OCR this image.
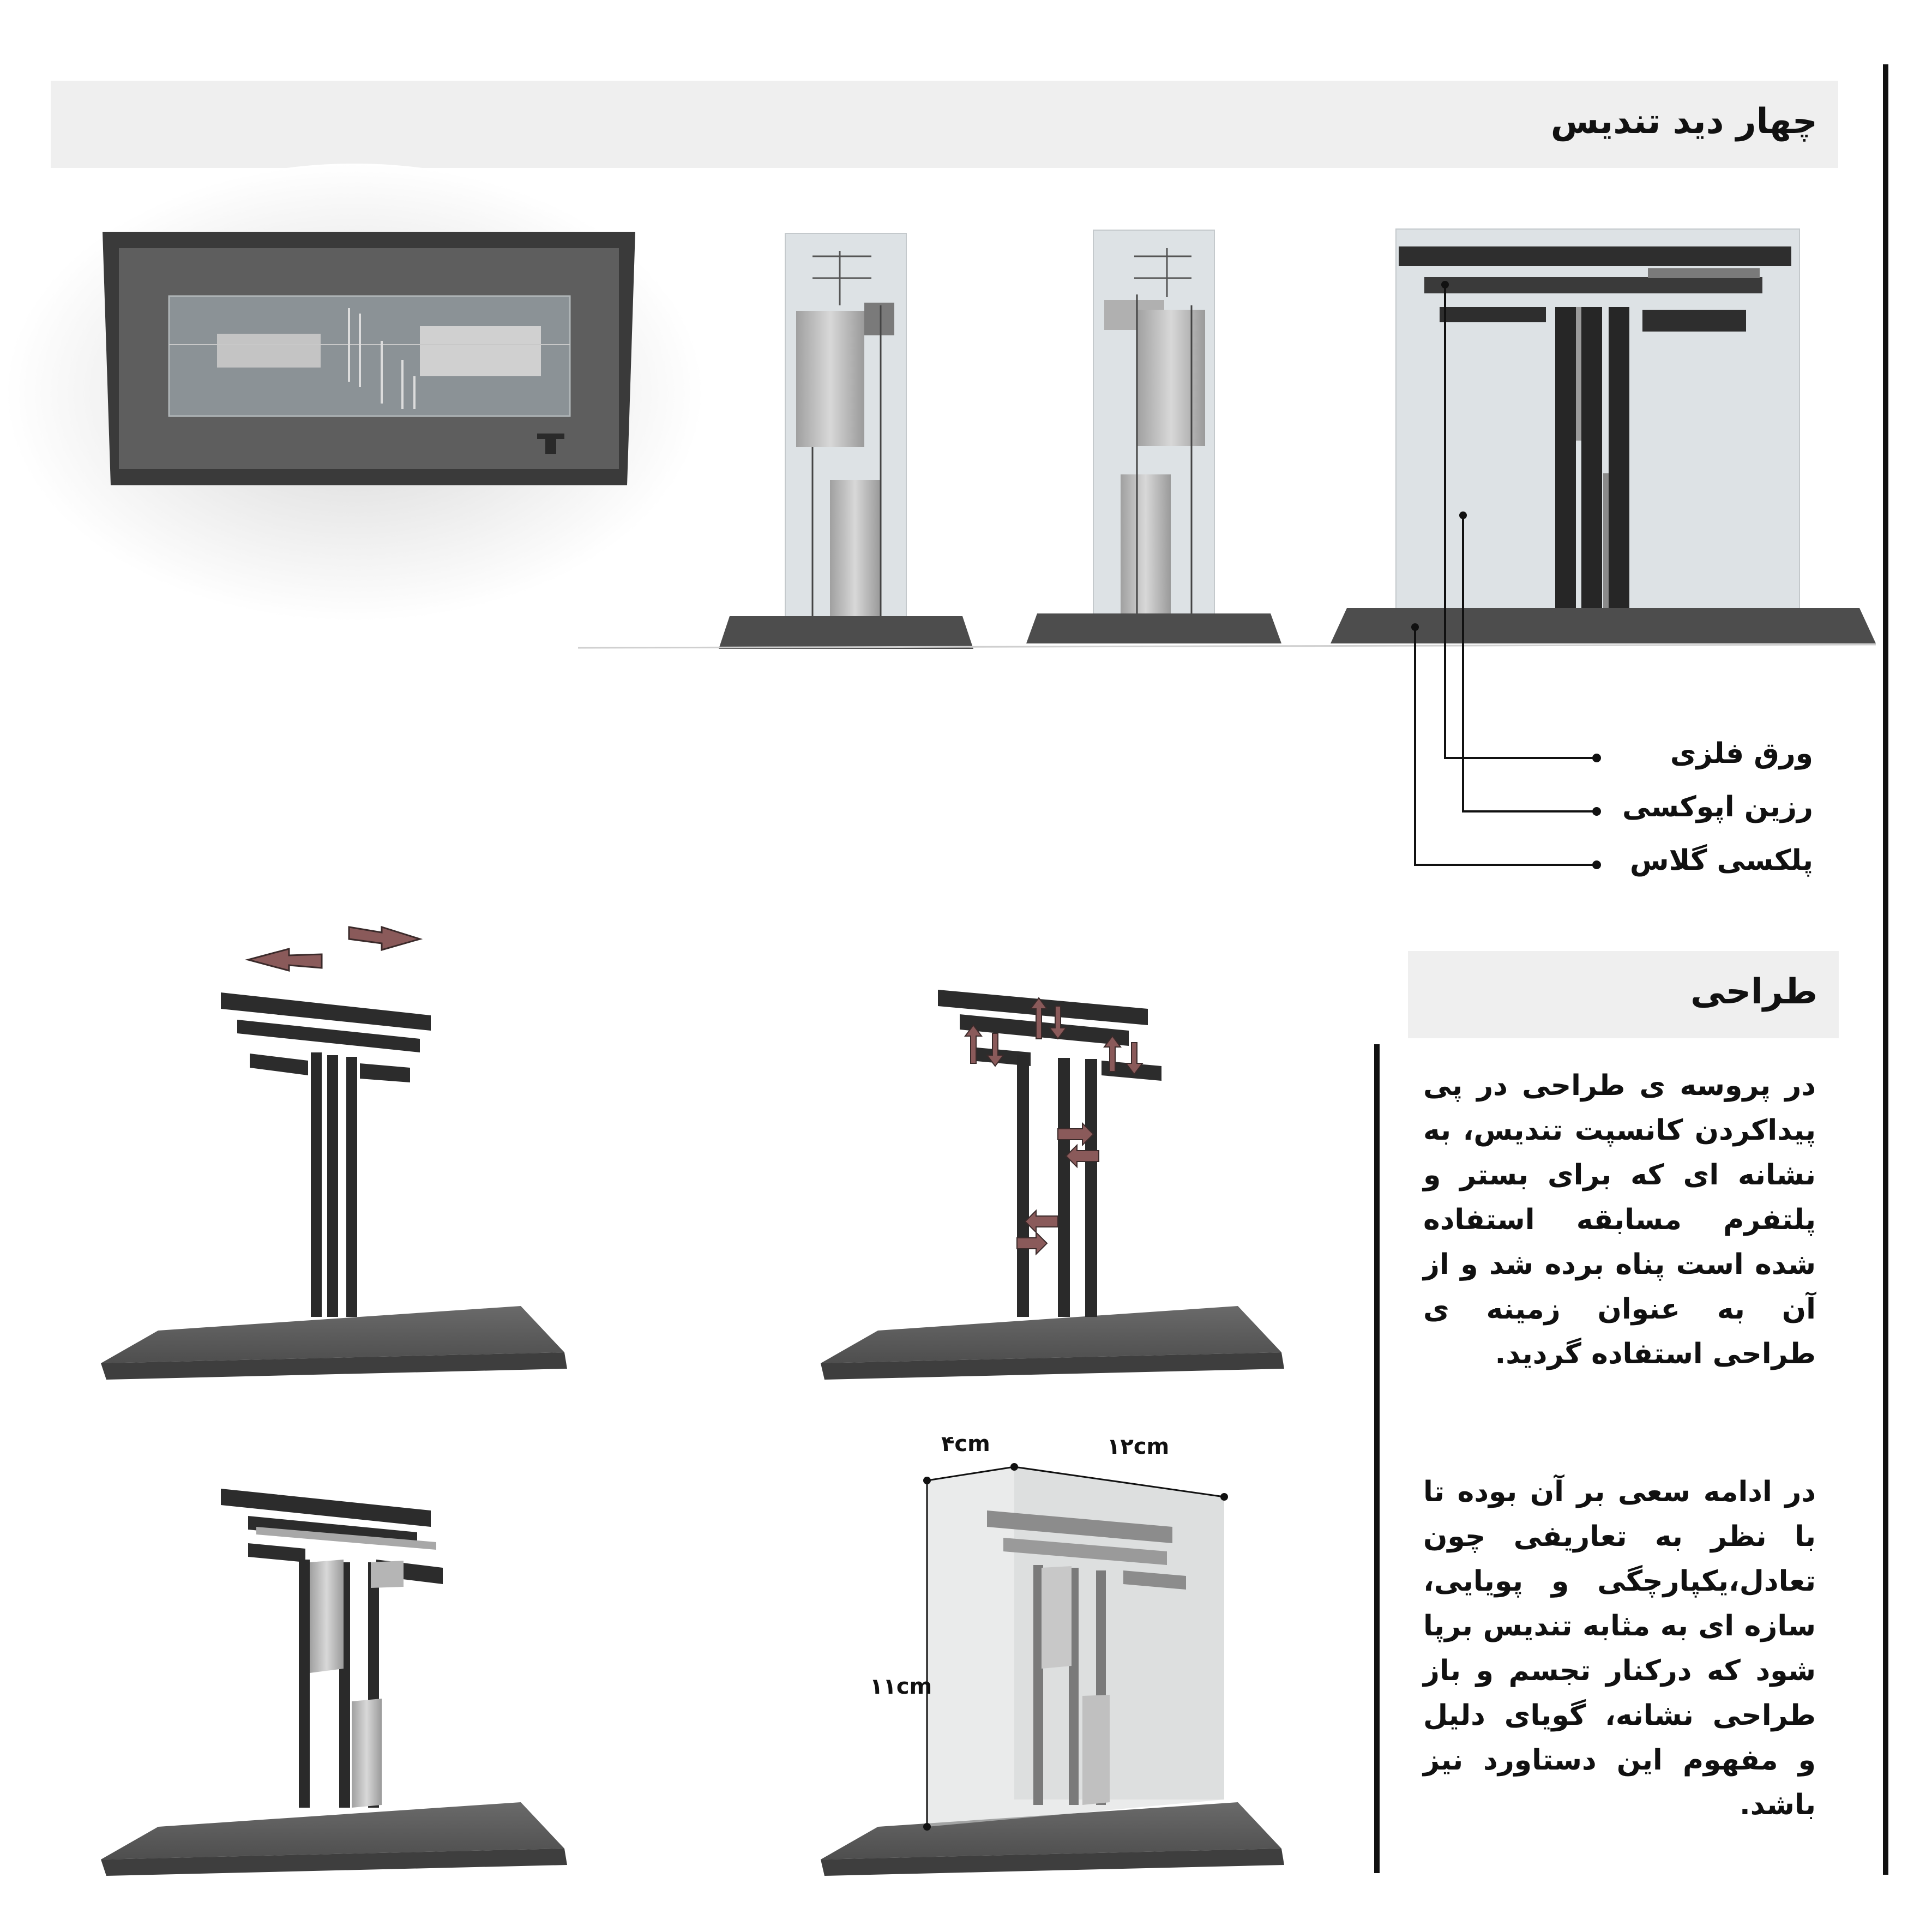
چهار دید تندیس
طراحی
ورق فلزی
رزین اپوکسی
پلکسی گلاس
۴cm	۱۲cm
۱۱cm
در پروسه ی طراحی در پی پیداکردن کانسپت تندیس، به نشانه ای که برای بستر و پلتفرم مسابقه استفاده شده است پناه برده شد و از آن به عنوان زمینه ی طراحی استفاده گردید.
در ادامه سعی بر آن بوده تا با نظر به تعاریفی چون تعادل،یکپارچگی و پویایی، سازه ای به مثابه تندیس برپا شود که درکنار تجسم و باز طراحی نشانه، گویای دلیل و مفهوم این دستاورد نیز باشد.
